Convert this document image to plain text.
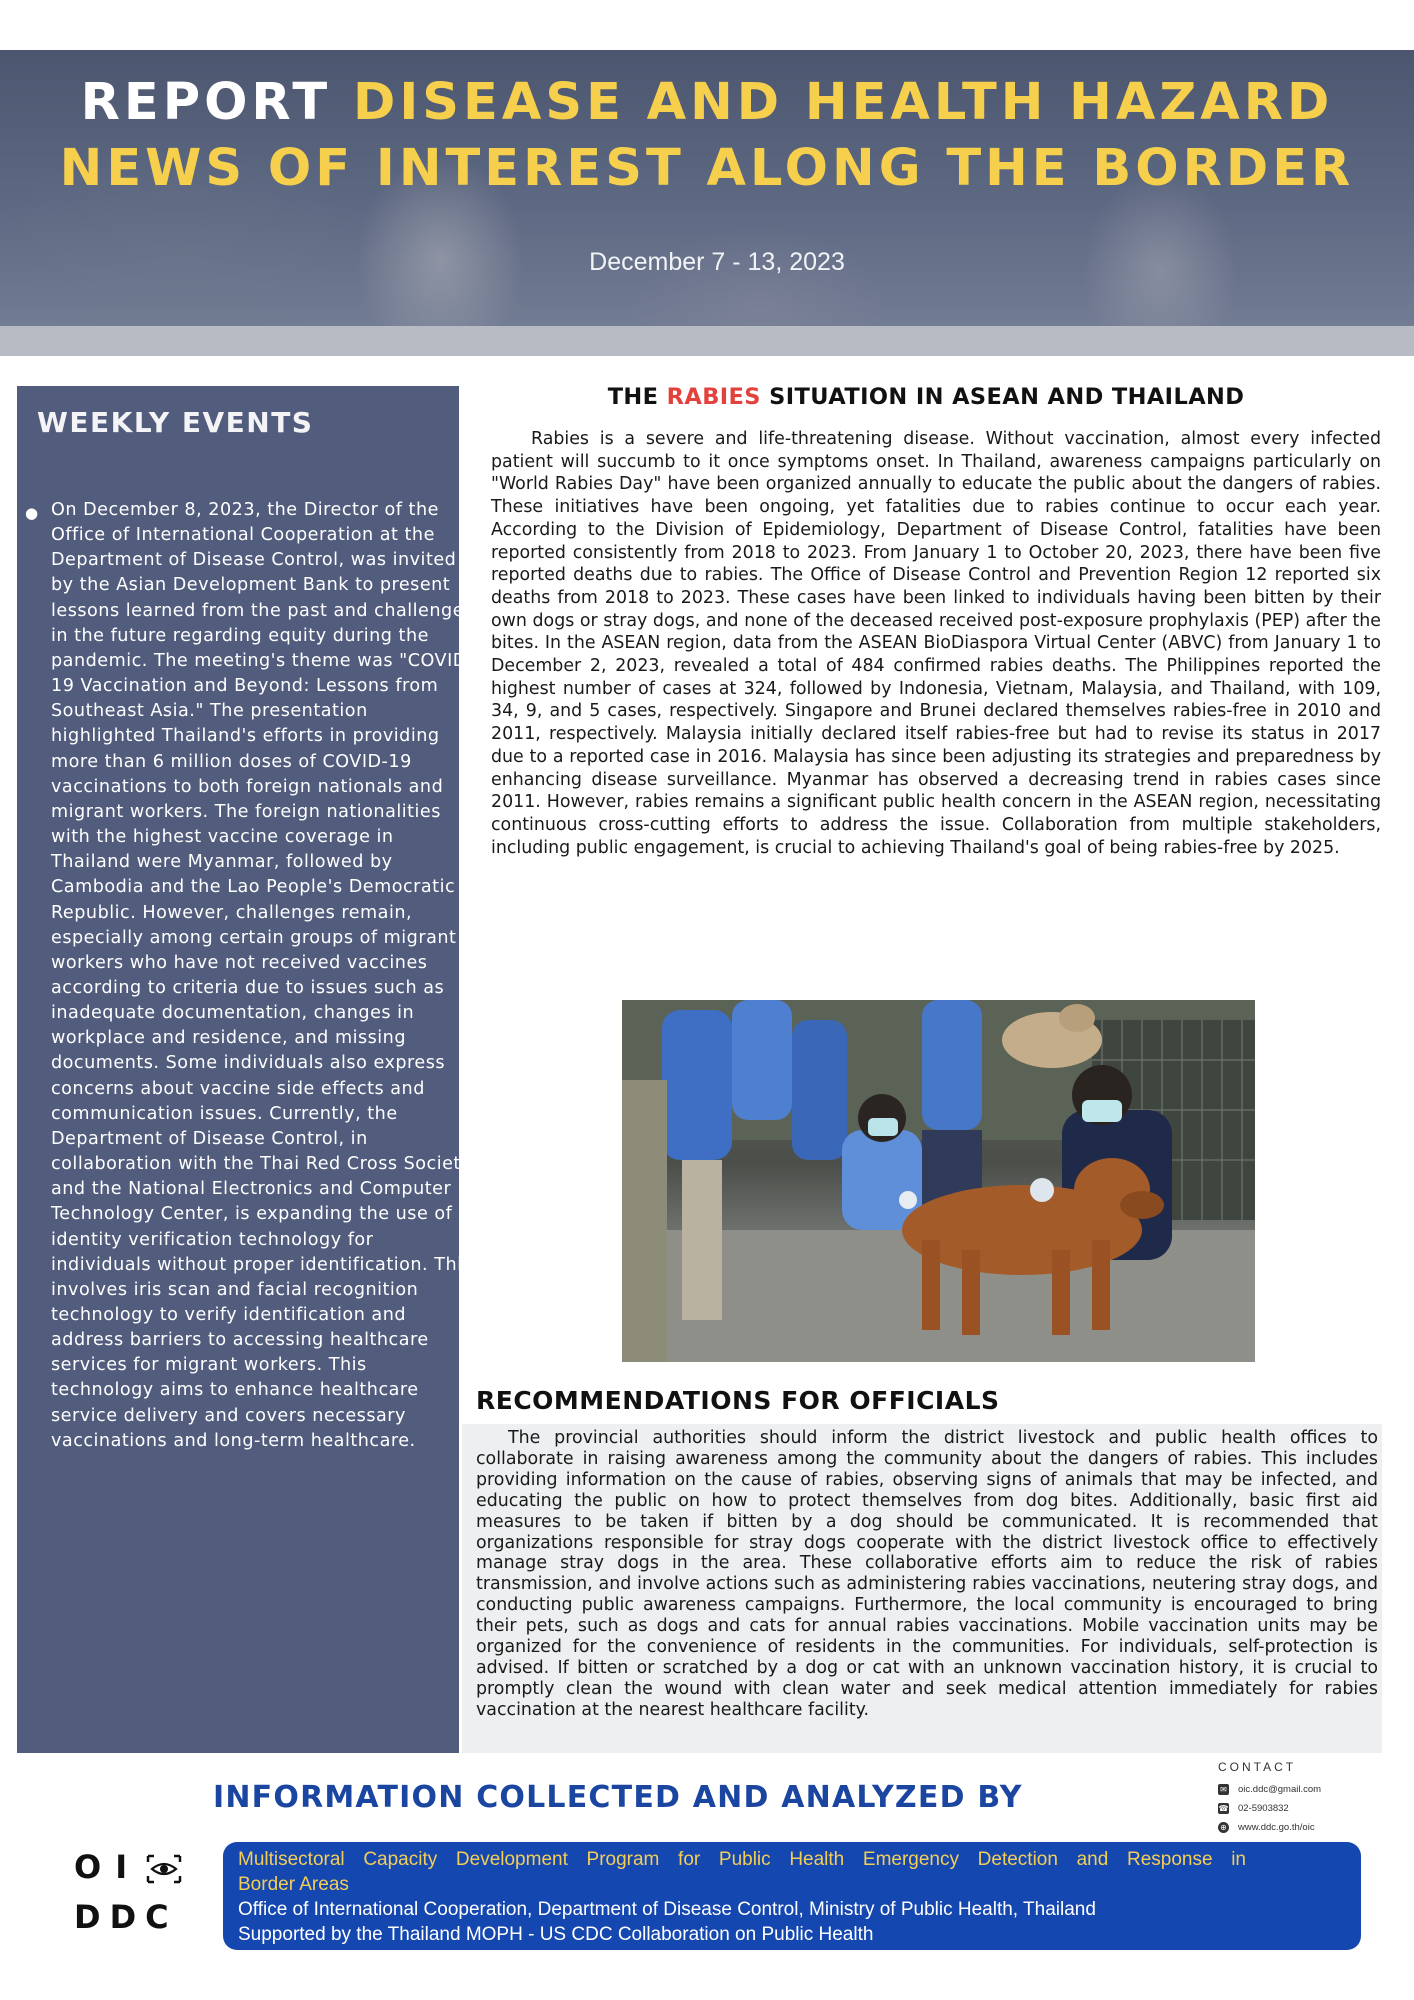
REPORT DISEASE AND HEALTH HAZARD
NEWS OF INTEREST ALONG THE BORDER
December 7 - 13, 2023
WEEKLY EVENTS
● On December 8, 2023, the Director of the Office of International Cooperation at the Department of Disease Control, was invited by the Asian Development Bank to present lessons learned from the past and challenges in the future regarding equity during the pandemic. The meeting's theme was "COVID-19 Vaccination and Beyond: Lessons from Southeast Asia." The presentation highlighted Thailand's efforts in providing more than 6 million doses of COVID-19 vaccinations to both foreign nationals and migrant workers. The foreign nationalities with the highest vaccine coverage in Thailand were Myanmar, followed by Cambodia and the Lao People's Democratic Republic. However, challenges remain, especially among certain groups of migrant workers who have not received vaccines according to criteria due to issues such as inadequate documentation, changes in workplace and residence, and missing documents. Some individuals also express concerns about vaccine side effects and communication issues. Currently, the Department of Disease Control, in collaboration with the Thai Red Cross Society and the National Electronics and Computer Technology Center, is expanding the use of identity verification technology for individuals without proper identification. This involves iris scan and facial recognition technology to verify identification and address barriers to accessing healthcare services for migrant workers. This technology aims to enhance healthcare service delivery and covers necessary vaccinations and long-term healthcare.
THE RABIES SITUATION IN ASEAN AND THAILAND
Rabies is a severe and life-threatening disease. Without vaccination, almost every infected patient will succumb to it once symptoms onset. In Thailand, awareness campaigns particularly on "World Rabies Day" have been organized annually to educate the public about the dangers of rabies. These initiatives have been ongoing, yet fatalities due to rabies continue to occur each year. According to the Division of Epidemiology, Department of Disease Control, fatalities have been reported consistently from 2018 to 2023. From January 1 to October 20, 2023, there have been five reported deaths due to rabies. The Office of Disease Control and Prevention Region 12 reported six deaths from 2018 to 2023. These cases have been linked to individuals having been bitten by their own dogs or stray dogs, and none of the deceased received post-exposure prophylaxis (PEP) after the bites. In the ASEAN region, data from the ASEAN BioDiaspora Virtual Center (ABVC) from January 1 to December 2, 2023, revealed a total of 484 confirmed rabies deaths. The Philippines reported the highest number of cases at 324, followed by Indonesia, Vietnam, Malaysia, and Thailand, with 109, 34, 9, and 5 cases, respectively. Singapore and Brunei declared themselves rabies-free in 2010 and 2011, respectively. Malaysia initially declared itself rabies-free but had to revise its status in 2017 due to a reported case in 2016. Malaysia has since been adjusting its strategies and preparedness by enhancing disease surveillance. Myanmar has observed a decreasing trend in rabies cases since 2011. However, rabies remains a significant public health concern in the ASEAN region, necessitating continuous cross-cutting efforts to address the issue. Collaboration from multiple stakeholders, including public engagement, is crucial to achieving Thailand's goal of being rabies-free by 2025.
RECOMMENDATIONS FOR OFFICIALS
The provincial authorities should inform the district livestock and public health offices to collaborate in raising awareness among the community about the dangers of rabies. This includes providing information on the cause of rabies, observing signs of animals that may be infected, and educating the public on how to protect themselves from dog bites. Additionally, basic first aid measures to be taken if bitten by a dog should be communicated. It is recommended that organizations responsible for stray dogs cooperate with the district livestock office to effectively manage stray dogs in the area. These collaborative efforts aim to reduce the risk of rabies transmission, and involve actions such as administering rabies vaccinations, neutering stray dogs, and conducting public awareness campaigns. Furthermore, the local community is encouraged to bring their pets, such as dogs and cats for annual rabies vaccinations. Mobile vaccination units may be organized for the convenience of residents in the communities. For individuals, self-protection is advised. If bitten or scratched by a dog or cat with an unknown vaccination history, it is crucial to promptly clean the wound with clean water and seek medical attention immediately for rabies vaccination at the nearest healthcare facility.
INFORMATION COLLECTED AND ANALYZED BY
CONTACT
✉ oic.ddc@gmail.com
☎ 02-5903832
⊕ www.ddc.go.th/oic
OI
DDC
Multisectoral Capacity Development Program for Public Health Emergency Detection and Response in
Border Areas
Office of International Cooperation, Department of Disease Control, Ministry of Public Health, Thailand
Supported by the Thailand MOPH - US CDC Collaboration on Public Health
